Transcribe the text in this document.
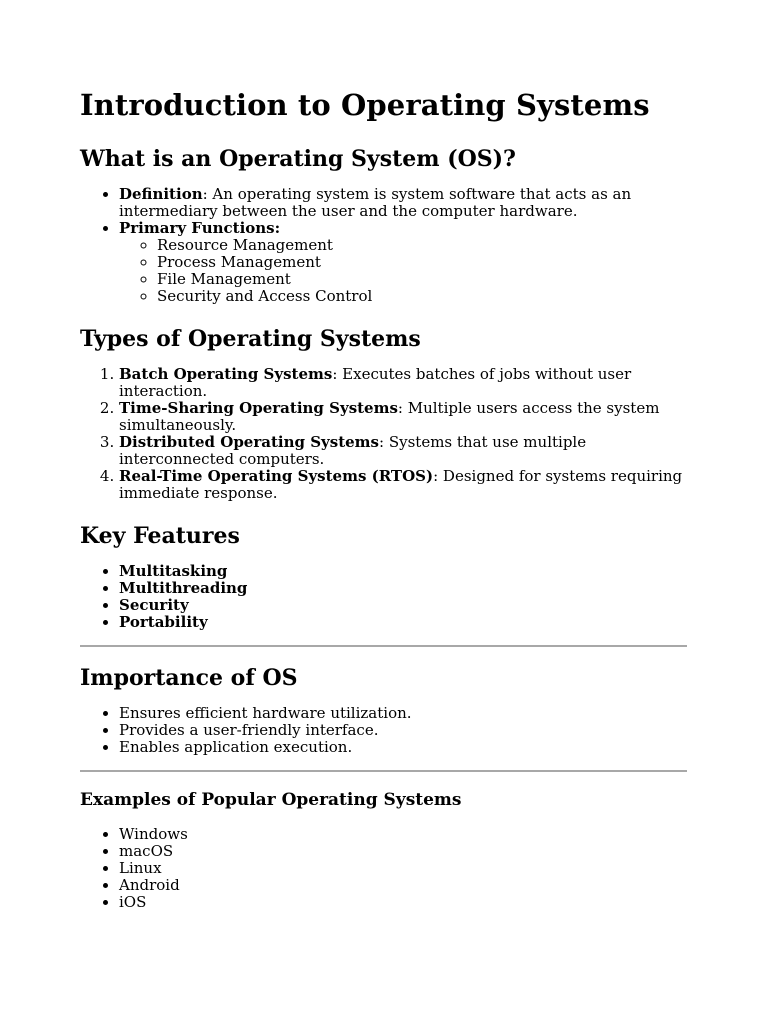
Introduction to Operating Systems
What is an Operating System (OS)?
• Definition: An operating system is system software that acts as an intermediary between the user and the computer hardware.
• Primary Functions:
◦ Resource Management
◦ Process Management
◦ File Management
◦ Security and Access Control
Types of Operating Systems
1. Batch Operating Systems: Executes batches of jobs without user interaction.
2. Time-Sharing Operating Systems: Multiple users access the system simultaneously.
3. Distributed Operating Systems: Systems that use multiple interconnected computers.
4. Real-Time Operating Systems (RTOS): Designed for systems requiring immediate response.
Key Features
• Multitasking
• Multithreading
• Security
• Portability
Importance of OS
• Ensures efficient hardware utilization.
• Provides a user-friendly interface.
• Enables application execution.
Examples of Popular Operating Systems
• Windows
• macOS
• Linux
• Android
• iOS
